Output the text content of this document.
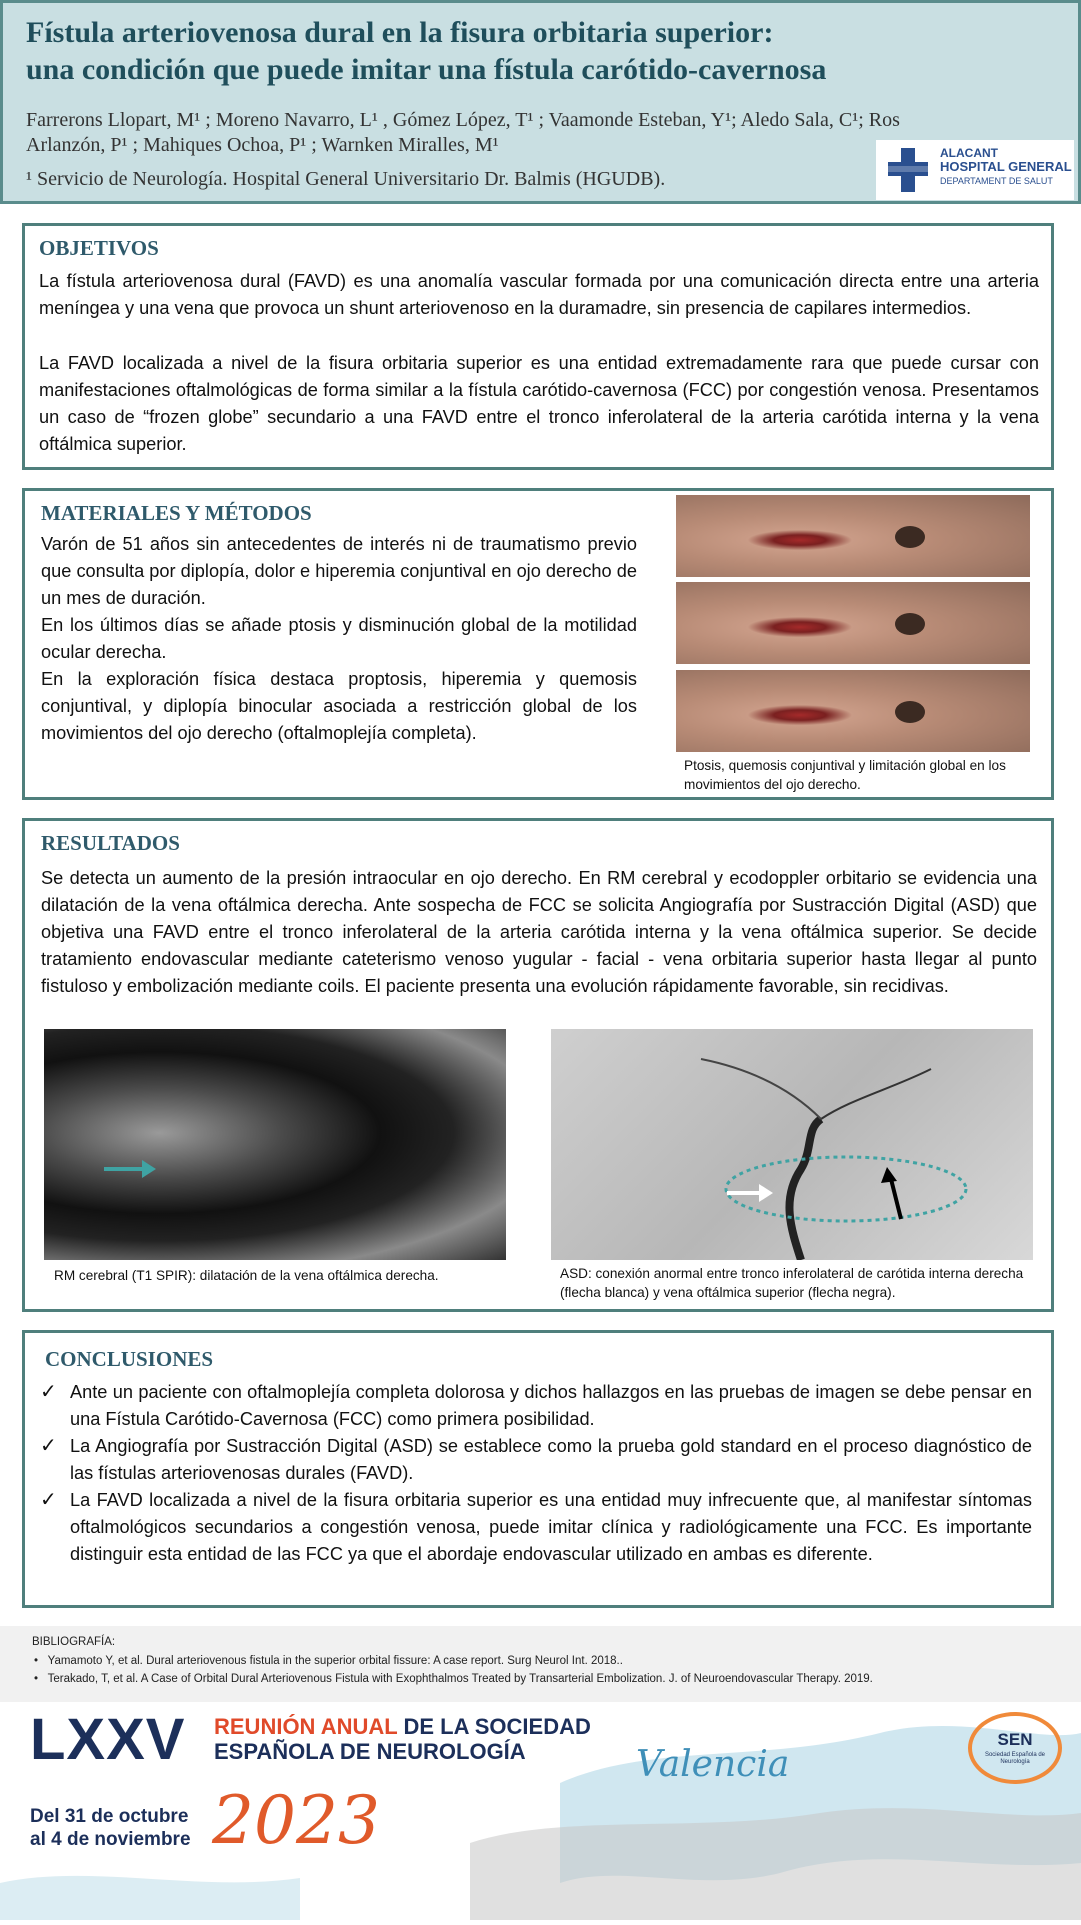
Fístula arteriovenosa dural en la fisura orbitaria superior:
una condición que puede imitar una fístula carótido-cavernosa
Farrerons Llopart, M¹ ; Moreno Navarro, L¹ , Gómez López, T¹ ; Vaamonde Esteban, Y¹; Aledo Sala, C¹; Ros
Arlanzón, P¹ ; Mahiques Ochoa, P¹ ; Warnken Miralles, M¹
¹ Servicio de Neurología. Hospital General Universitario Dr. Balmis (HGUDB).
ALACANT
HOSPITAL GENERAL
DEPARTAMENT DE SALUT
OBJETIVOS

La fístula arteriovenosa dural (FAVD) es una anomalía vascular formada por una comunicación directa entre una arteria meníngea y una vena que provoca un shunt arteriovenoso en la duramadre, sin presencia de capilares intermedios.

La FAVD localizada a nivel de la fisura orbitaria superior es una entidad extremadamente rara que puede cursar con manifestaciones oftalmológicas de forma similar a la fístula carótido-cavernosa (FCC) por congestión venosa. Presentamos un caso de “frozen globe” secundario a una FAVD entre el tronco inferolateral de la arteria carótida interna y la vena oftálmica superior.

MATERIALES Y MÉTODOS

Varón de 51 años sin antecedentes de interés ni de traumatismo previo que consulta por diplopía, dolor e hiperemia conjuntival en ojo derecho de un mes de duración.

En los últimos días se añade ptosis y disminución global de la motilidad ocular derecha.

En la exploración física destaca proptosis, hiperemia y quemosis conjuntival, y diplopía binocular asociada a restricción global de los movimientos del ojo derecho (oftalmoplejía completa).

Ptosis, quemosis conjuntival y limitación global en los movimientos del ojo derecho.
RESULTADOS

Se detecta un aumento de la presión intraocular en ojo derecho. En RM cerebral y ecodoppler orbitario se evidencia una dilatación de la vena oftálmica derecha. Ante sospecha de FCC se solicita Angiografía por Sustracción Digital (ASD) que objetiva una FAVD entre el tronco inferolateral de la arteria carótida interna y la vena oftálmica superior. Se decide tratamiento endovascular mediante cateterismo venoso yugular - facial - vena orbitaria superior hasta llegar al punto fistuloso y embolización mediante coils. El paciente presenta una evolución rápidamente favorable, sin recidivas.

RM cerebral (T1 SPIR): dilatación de la vena oftálmica derecha.	ASD: conexión anormal entre tronco inferolateral de carótida interna derecha (flecha blanca) y vena oftálmica superior (flecha negra).
CONCLUSIONES
✓ Ante un paciente con oftalmoplejía completa dolorosa y dichos hallazgos en las pruebas de imagen se debe pensar en una Fístula Carótido-Cavernosa (FCC) como primera posibilidad.

✓ La Angiografía por Sustracción Digital (ASD) se establece como la prueba gold standard en el proceso diagnóstico de las fístulas arteriovenosas durales (FAVD).

✓ La FAVD localizada a nivel de la fisura orbitaria superior es una entidad muy infrecuente que, al manifestar síntomas oftalmológicos secundarios a congestión venosa, puede imitar clínica y radiológicamente una FCC. Es importante distinguir esta entidad de las FCC ya que el abordaje endovascular utilizado en ambas es diferente.

BIBLIOGRAFÍA:
•   Yamamoto Y, et al. Dural arteriovenous fistula in the superior orbital fissure: A case report. Surg Neurol Int. 2018..
•   Terakado, T, et al. A Case of Orbital Dural Arteriovenous Fistula with Exophthalmos Treated by Transarterial Embolization. J. of Neuroendovascular Therapy. 2019.
LXXV REUNIÓN ANUAL DE LA SOCIEDAD
ESPAÑOLA DE NEUROLOGÍA
Del 31 de octubre
al 4 de noviembre 2023
Valencia
SEN
Sociedad Española de Neurología
